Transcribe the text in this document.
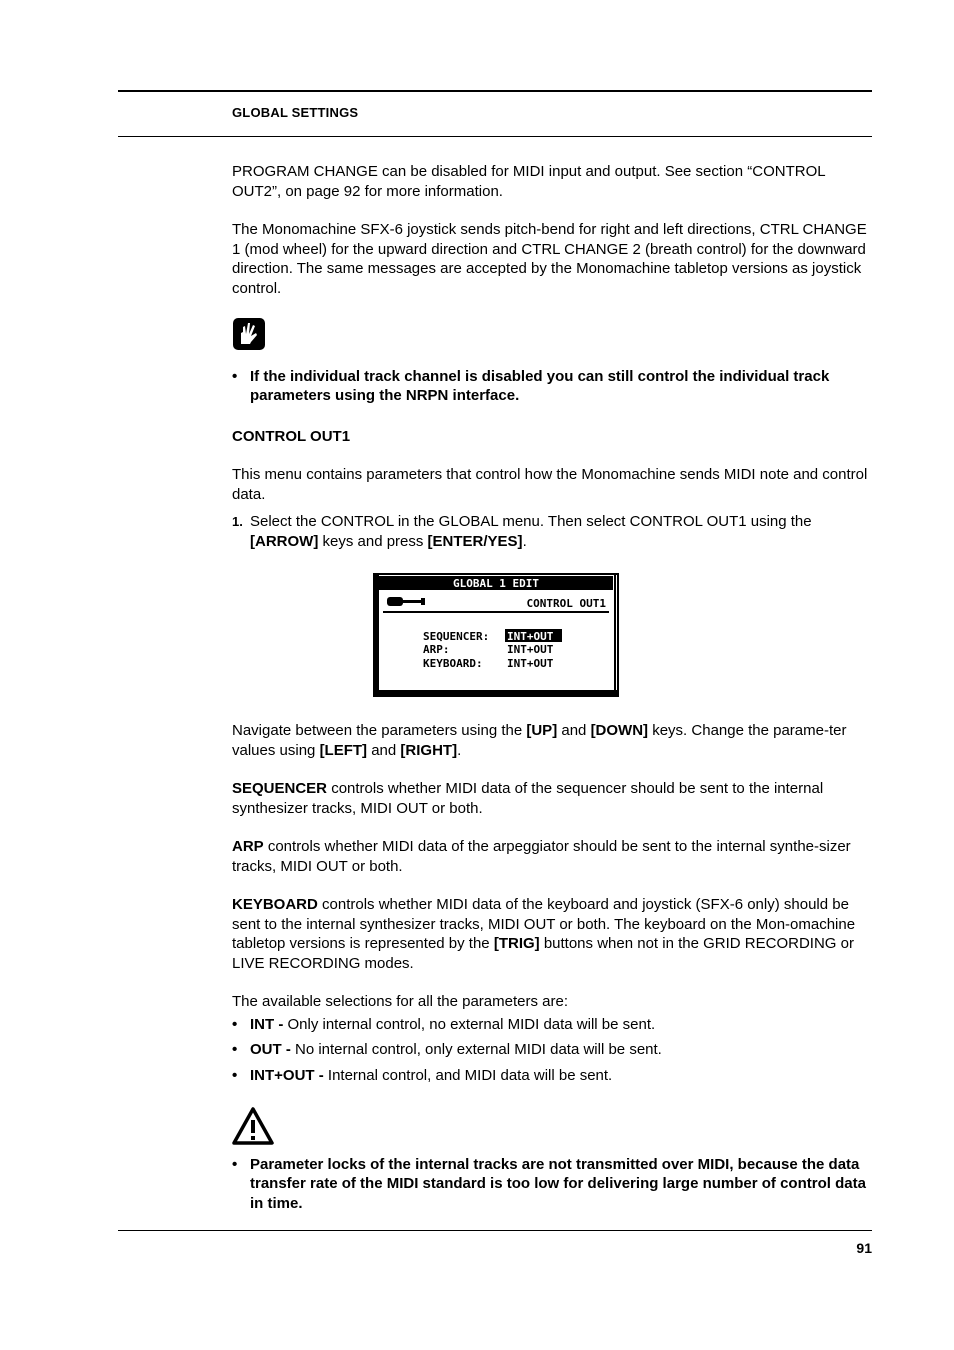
GLOBAL SETTINGS

PROGRAM CHANGE can be disabled for MIDI input and output. See section “CONTROL OUT2”, on page 92 for more information.

The Monomachine SFX-6 joystick sends pitch-bend for right and left directions, CTRL CHANGE 1 (mod wheel) for the upward direction and CTRL CHANGE 2 (breath control) for the downward direction. The same messages are accepted by the Monomachine tabletop versions as joystick control.

• If the individual track channel is disabled you can still control the individual track parameters using the NRPN interface.

CONTROL OUT1

This menu contains parameters that control how the Monomachine sends MIDI note and control data.

1. Select the CONTROL in the GLOBAL menu. Then select CONTROL OUT1 using the [ARROW] keys and press [ENTER/YES].
GLOBAL 1 EDIT
CONTROL OUT1
SEQUENCER: INT+OUT
ARP:	INT+OUT
KEYBOARD: INT+OUT

Navigate between the parameters using the [UP] and [DOWN] keys. Change the parame-ter values using [LEFT] and [RIGHT].

SEQUENCER controls whether MIDI data of the sequencer should be sent to the internal synthesizer tracks, MIDI OUT or both.

ARP controls whether MIDI data of the arpeggiator should be sent to the internal synthe-sizer tracks, MIDI OUT or both.

KEYBOARD controls whether MIDI data of the keyboard and joystick (SFX-6 only) should be sent to the internal synthesizer tracks, MIDI OUT or both. The keyboard on the Mon-omachine tabletop versions is represented by the [TRIG] buttons when not in the GRID RECORDING or LIVE RECORDING modes.

The available selections for all the parameters are:

• INT - Only internal control, no external MIDI data will be sent.
• OUT - No internal control, only external MIDI data will be sent.
• INT+OUT - Internal control, and MIDI data will be sent.
• Parameter locks of the internal tracks are not transmitted over MIDI, because the data transfer rate of the MIDI standard is too low for delivering large number of control data in time.
91
